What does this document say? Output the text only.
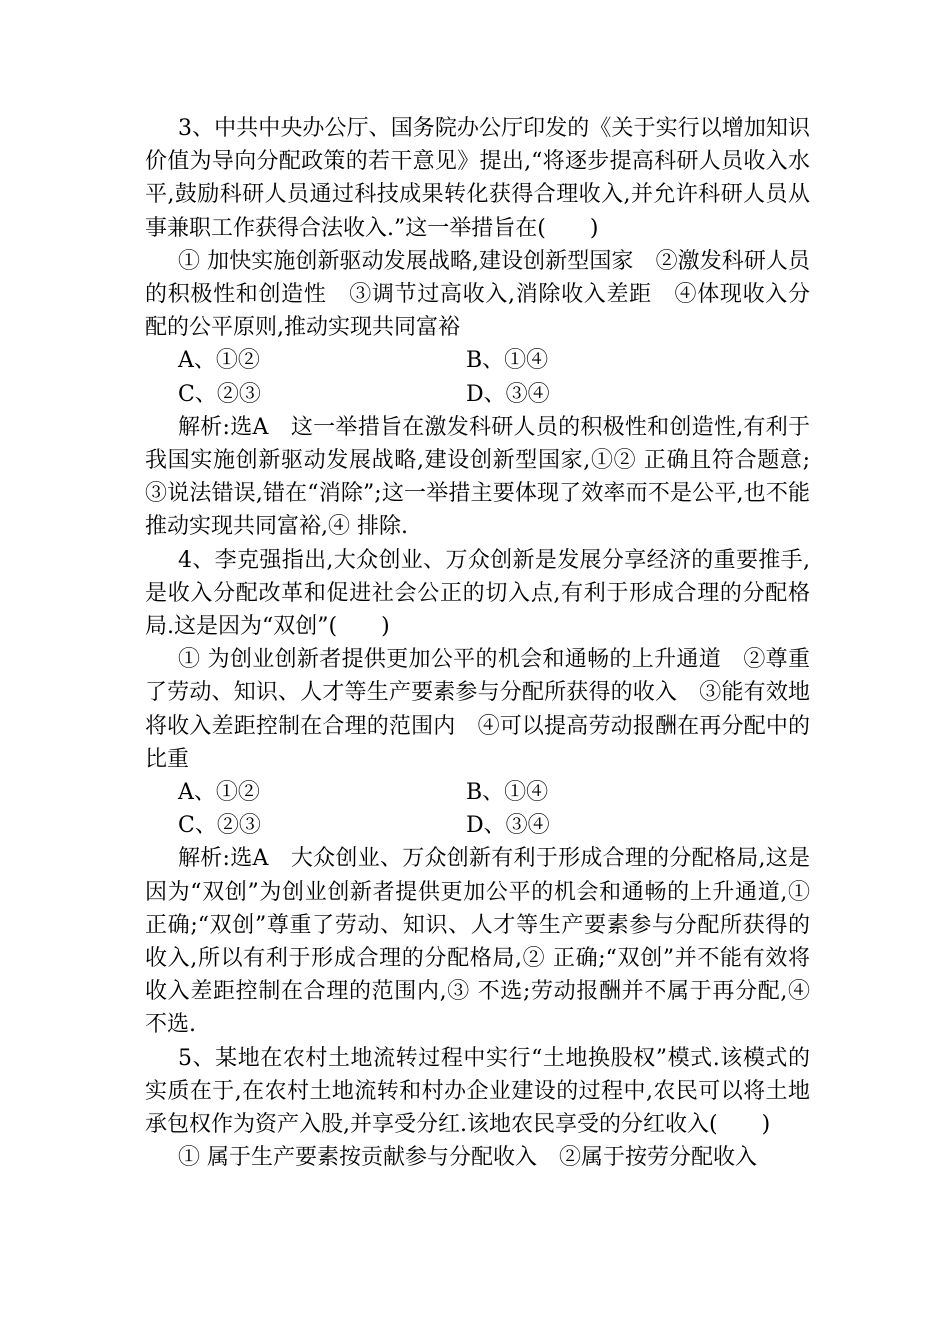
3、中共中央办公厅、国务院办公厅印发的《关于实行以增加知识价值为导向分配政策的若干意见》提出,“将逐步提高科研人员收入水平,鼓励科研人员通过科技成果转化获得合理收入,并允许科研人员从事兼职工作获得合法收入.”这一举措旨在(　　)

① 加快实施创新驱动发展战略,建设创新型国家　②激发科研人员的积极性和创造性　③调节过高收入,消除收入差距　④体现收入分配的公平原则,推动实现共同富裕

A、①②	B、①④
C、②③	D、③④

解析:选A　这一举措旨在激发科研人员的积极性和创造性,有利于我国实施创新驱动发展战略,建设创新型国家,①② 正确且符合题意;③说法错误,错在“消除”;这一举措主要体现了效率而不是公平,也不能推动实现共同富裕,④ 排除.

4、李克强指出,大众创业、万众创新是发展分享经济的重要推手,是收入分配改革和促进社会公正的切入点,有利于形成合理的分配格局.这是因为“双创”(　　)

① 为创业创新者提供更加公平的机会和通畅的上升通道　②尊重了劳动、知识、人才等生产要素参与分配所获得的收入　③能有效地将收入差距控制在合理的范围内　④可以提高劳动报酬在再分配中的比重

A、①②	B、①④
C、②③	D、③④

解析:选A　大众创业、万众创新有利于形成合理的分配格局,这是因为“双创”为创业创新者提供更加公平的机会和通畅的上升通道,① 正确;“双创”尊重了劳动、知识、人才等生产要素参与分配所获得的收入,所以有利于形成合理的分配格局,② 正确;“双创”并不能有效将收入差距控制在合理的范围内,③ 不选;劳动报酬并不属于再分配,④ 不选.

5、某地在农村土地流转过程中实行“土地换股权”模式.该模式的实质在于,在农村土地流转和村办企业建设的过程中,农民可以将土地承包权作为资产入股,并享受分红.该地农民享受的分红收入(　　)

① 属于生产要素按贡献参与分配收入　②属于按劳分配收入
